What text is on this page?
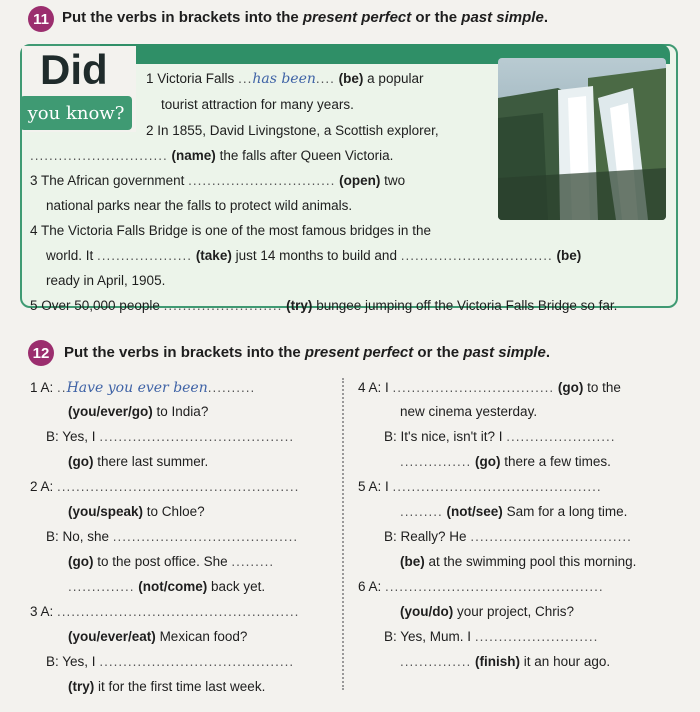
11 Put the verbs in brackets into the present perfect or the past simple.
Did
you know?
1 Victoria Falls ...has been.... (be) a popular
tourist attraction for many years.
2 In 1855, David Livingstone, a Scottish explorer,
............................. (name) the falls after Queen Victoria.
3 The African government ............................... (open) two
national parks near the falls to protect wild animals.
4 The Victoria Falls Bridge is one of the most famous bridges in the
world. It .................... (take) just 14 months to build and ................................ (be)
ready in April, 1905.
5 Over 50,000 people ......................... (try) bungee jumping off the Victoria Falls Bridge so far.
12 Put the verbs in brackets into the present perfect or the past simple.
1 A: ..Have you ever been..........
(you/ever/go) to India?
B: Yes, I .........................................
(go) there last summer.
2 A: ...................................................
(you/speak) to Chloe?
B: No, she .......................................
(go) to the post office. She .........
.............. (not/come) back yet.
3 A: ...................................................
(you/ever/eat) Mexican food?
B: Yes, I .........................................
(try) it for the first time last week.
4 A: I .................................. (go) to the
new cinema yesterday.
B: It's nice, isn't it? I .......................
............... (go) there a few times.
5 A: I ............................................
......... (not/see) Sam for a long time.
B: Really? He ..................................
(be) at the swimming pool this morning.
6 A: ..............................................
(you/do) your project, Chris?
B: Yes, Mum. I ..........................
............... (finish) it an hour ago.
